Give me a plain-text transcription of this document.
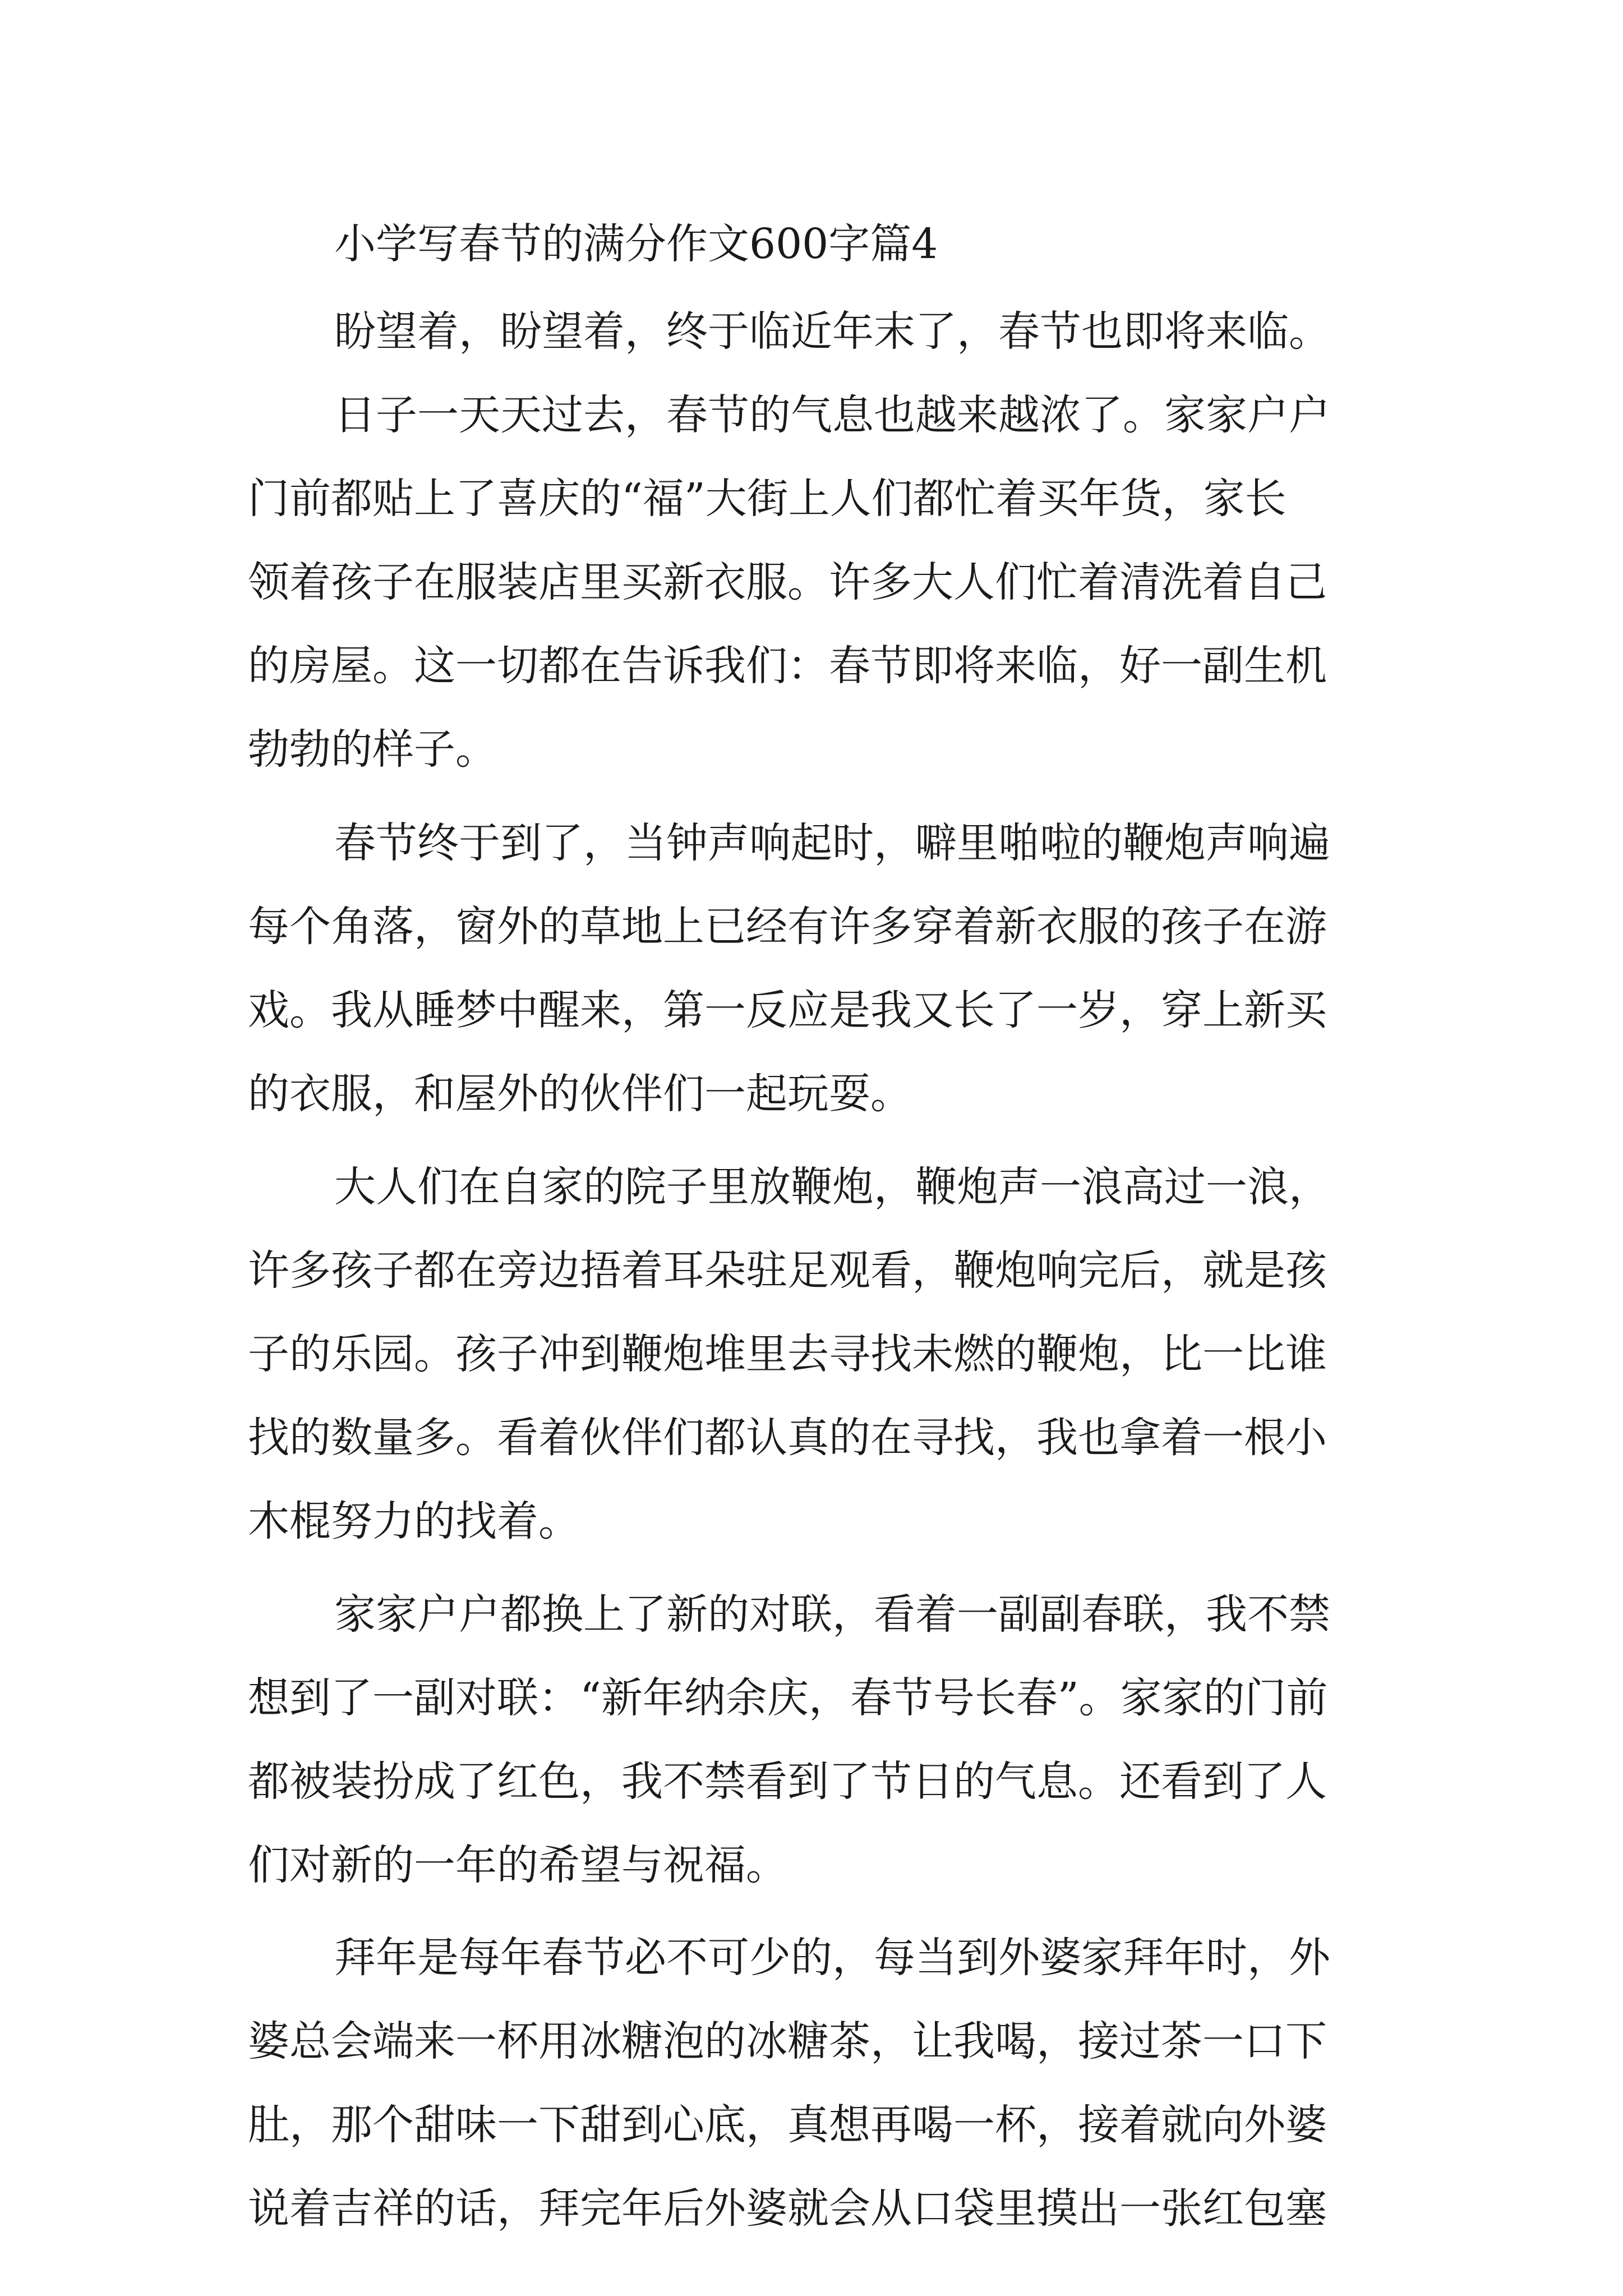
小学写春节的满分作文600字篇4

盼望着，盼望着，终于临近年末了，春节也即将来临。

日子一天天过去，春节的气息也越来越浓了。家家户户

门前都贴上了喜庆的“福”大街上人们都忙着买年货，家长

领着孩子在服装店里买新衣服。许多大人们忙着清洗着自己

的房屋。这一切都在告诉我们：春节即将来临，好一副生机

勃勃的样子。

春节终于到了，当钟声响起时，噼里啪啦的鞭炮声响遍

每个角落，窗外的草地上已经有许多穿着新衣服的孩子在游

戏。我从睡梦中醒来，第一反应是我又长了一岁，穿上新买

的衣服，和屋外的伙伴们一起玩耍。

大人们在自家的院子里放鞭炮，鞭炮声一浪高过一浪，

许多孩子都在旁边捂着耳朵驻足观看，鞭炮响完后，就是孩

子的乐园。孩子冲到鞭炮堆里去寻找未燃的鞭炮，比一比谁

找的数量多。看着伙伴们都认真的在寻找，我也拿着一根小

木棍努力的找着。

家家户户都换上了新的对联，看着一副副春联，我不禁

想到了一副对联：“新年纳余庆，春节号长春”。家家的门前

都被装扮成了红色，我不禁看到了节日的气息。还看到了人

们对新的一年的希望与祝福。

拜年是每年春节必不可少的，每当到外婆家拜年时，外

婆总会端来一杯用冰糖泡的冰糖茶，让我喝，接过茶一口下

肚，那个甜味一下甜到心底，真想再喝一杯，接着就向外婆

说着吉祥的话，拜完年后外婆就会从口袋里摸出一张红包塞
